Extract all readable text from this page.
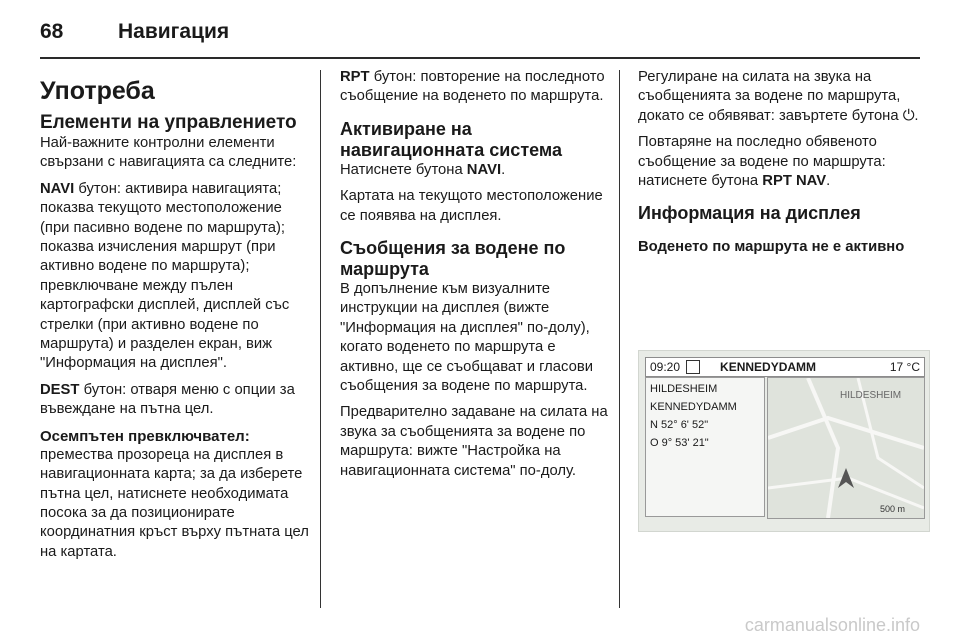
68	Навигация
Употреба
Елементи на управлението

Най-важните контролни елементи свързани с навигацията са следните:

NAVI бутон: активира навигацията; показва текущото местоположение (при пасивно водене по маршрута); показва изчисления маршрут (при активно водене по маршрута); превключване между пълен картографски дисплей, дисплей със стрелки (при активно водене по маршрута) и разделен екран, виж "Информация на дисплея".

DEST бутон: отваря меню с опции за въвеждане на пътна цел.

Осемпътен превключвател:

премества прозореца на дисплея в навигационната карта; за да изберете пътна цел, натиснете необходимата посока за да позиционирате координатния кръст върху пътната цел на картата.

RPT бутон: повторение на последното съобщение на воденето по маршрута.

Активиране на навигационната система

Натиснете бутона NAVI.

Картата на текущото местоположение се появява на дисплея.

Съобщения за водене по маршрута

В допълнение към визуалните инструкции на дисплея (вижте "Информация на дисплея" по-долу), когато воденето по маршрута е активно, ще се съобщават и гласови съобщения за водене по маршрута.

Предварително задаване на силата на звука за съобщенията за водене по маршрута: вижте "Настройка на навигационната система" по-долу.

Регулиране на силата на звука на съобщенията за водене по маршрута, докато се обявяват: завъртете бутона ⏻.

Повтаряне на последно обявеното съобщение за водене по маршрута: натиснете бутона RPT NAV.

Информация на дисплея
Воденето по маршрута не е активно
09:20	KENNEDYDAMM	17 °C
HILDESHEIM
KENNEDYDAMM
N 52° 6' 52"
O 9° 53' 21"
HILDESHEIM
500 m
carmanualsonline.info
